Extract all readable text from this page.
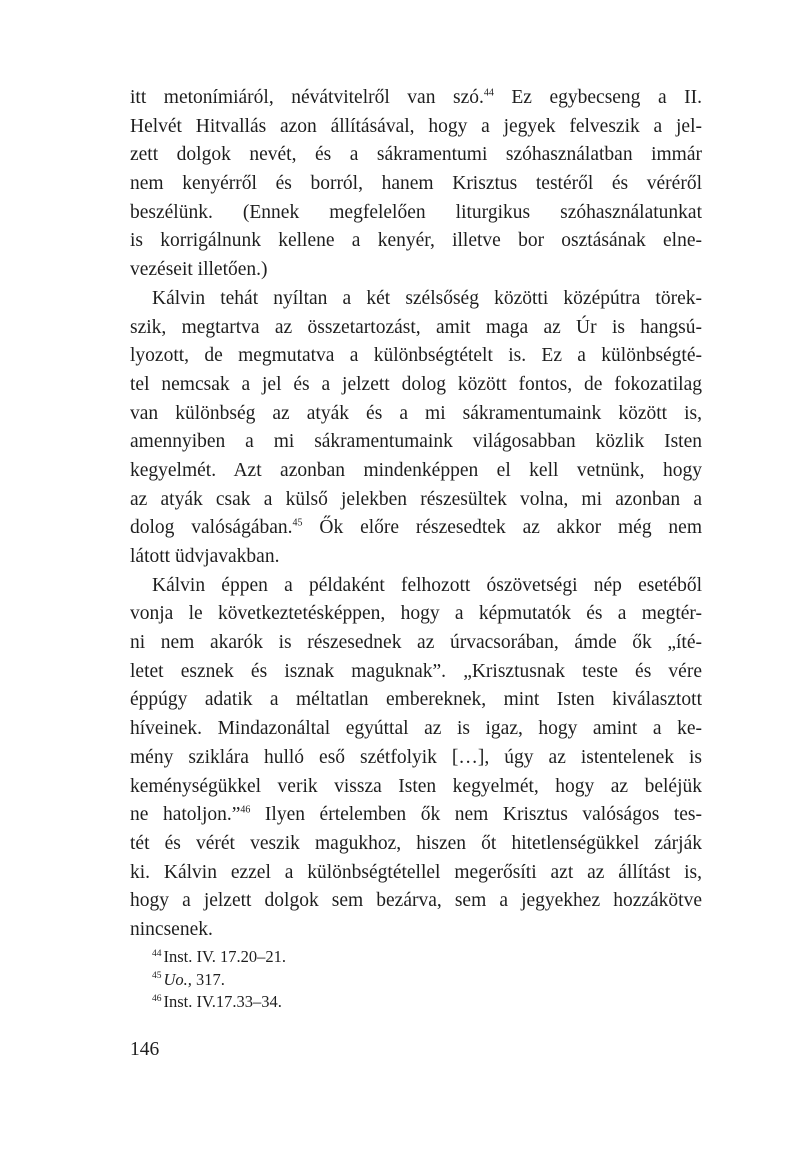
itt metonímiáról, névátvitelről van szó.$^{44}$ Ez egybecseng a II.
Helvét Hitvallás azon állításával, hogy a jegyek felveszik a jel-
zett dolgok nevét, és a sákramentumi szóhasználatban immár
nem kenyérről és borról, hanem Krisztus testéről és véréről
beszélünk. (Ennek megfelelően liturgikus szóhasználatunkat
is korrigálnunk kellene a kenyér, illetve bor osztásának elne-
vezéseit illetően.)
Kálvin tehát nyíltan a két szélsőség közötti középútra törek-
szik, megtartva az összetartozást, amit maga az Úr is hangsú-
lyozott, de megmutatva a különbségtételt is. Ez a különbségté-
tel nemcsak a jel és a jelzett dolog között fontos, de fokozatilag
van különbség az atyák és a mi sákramentumaink között is,
amennyiben a mi sákramentumaink világosabban közlik Isten
kegyelmét. Azt azonban mindenképpen el kell vetnünk, hogy
az atyák csak a külső jelekben részesültek volna, mi azonban a
dolog valóságában.$^{45}$ Ők előre részesedtek az akkor még nem
látott üdvjavakban.
Kálvin éppen a példaként felhozott ószövetségi nép esetéből
vonja le következtetésképpen, hogy a képmutatók és a megtér-
ni nem akarók is részesednek az úrvacsorában, ámde ők „íté-
letet esznek és isznak maguknak”. „Krisztusnak teste és vére
éppúgy adatik a méltatlan embereknek, mint Isten kiválasztott
híveinek. Mindazonáltal egyúttal az is igaz, hogy amint a ke-
mény sziklára hulló eső szétfolyik […], úgy az istentelenek is
keménységükkel verik vissza Isten kegyelmét, hogy az beléjük
ne hatoljon.”$^{46}$ Ilyen értelemben ők nem Krisztus valóságos tes-
tét és vérét veszik magukhoz, hiszen őt hitetlenségükkel zárják
ki. Kálvin ezzel a különbségtétellel megerősíti azt az állítást is,
hogy a jelzett dolgok sem bezárva, sem a jegyekhez hozzákötve
nincsenek.
$^{44}$ Inst. IV. 17.20–21.
$^{45}$ Uo., 317.
$^{46}$ Inst. IV.17.33–34.
146
